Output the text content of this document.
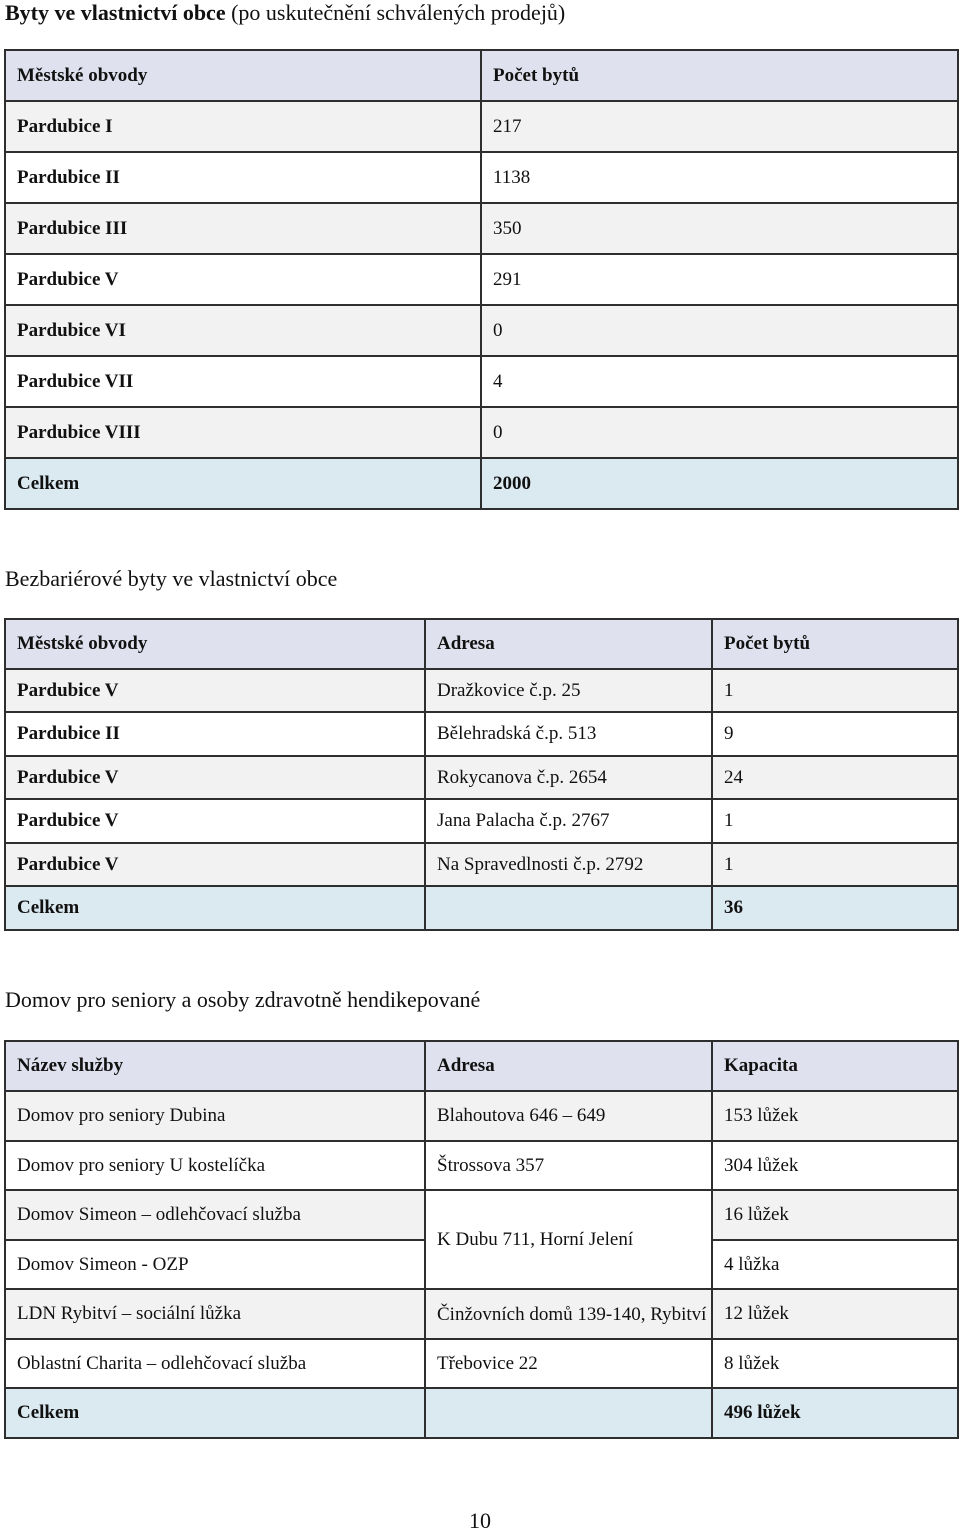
Byty ve vlastnictví obce (po uskutečnění schválených prodejů)
Městské obvody	Počet bytů
Pardubice I	217
Pardubice II	1138
Pardubice III	350
Pardubice V	291
Pardubice VI	0
Pardubice VII	4
Pardubice VIII	0
Celkem	2000
Bezbariérové byty ve vlastnictví obce
Městské obvody	Adresa	Počet bytů
Pardubice V	Dražkovice č.p. 25	1
Pardubice II	Bělehradská č.p. 513	9
Pardubice V	Rokycanova č.p. 2654	24
Pardubice V	Jana Palacha č.p. 2767	1
Pardubice V	Na Spravedlnosti č.p. 2792	1
Celkem		36
Domov pro seniory a osoby zdravotně hendikepované
Název služby	Adresa	Kapacita
Domov pro seniory Dubina	Blahoutova 646 – 649	153 lůžek
Domov pro seniory U kostelíčka	Štrossova 357	304 lůžek
Domov Simeon – odlehčovací služba	K Dubu 711, Horní Jelení	16 lůžek
Domov Simeon - OZP		4 lůžka
LDN Rybitví – sociální lůžka	Činžovních domů 139-140, Rybitví	12 lůžek
Oblastní Charita – odlehčovací služba	Třebovice 22	8 lůžek
Celkem		496 lůžek
10
